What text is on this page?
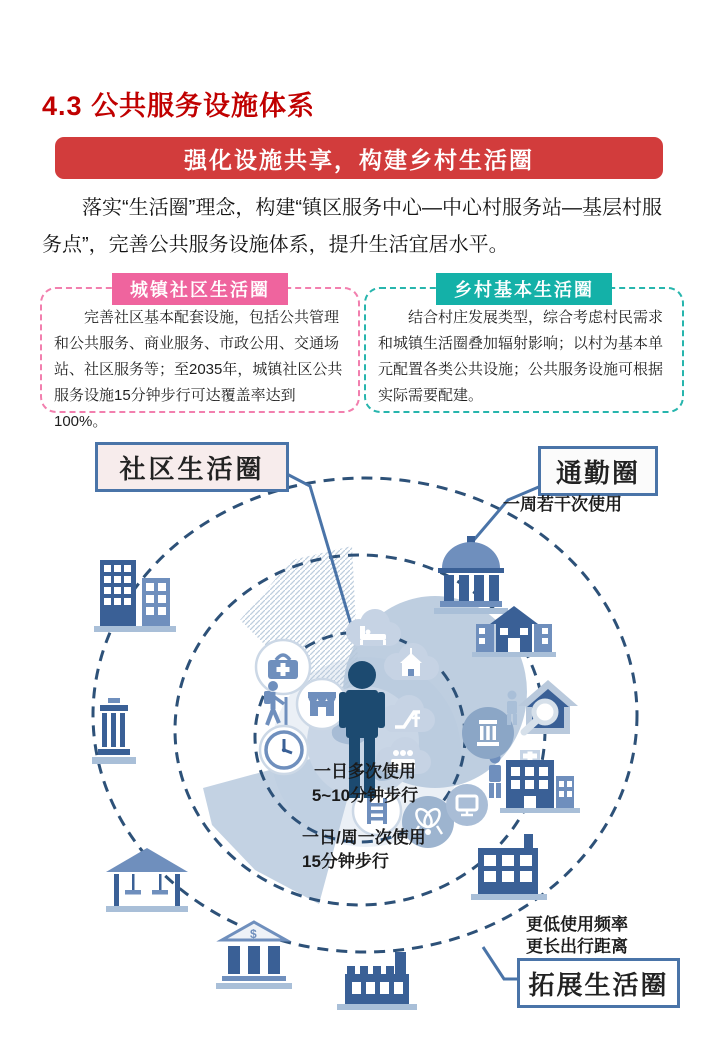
4.3 公共服务设施体系
强化设施共享，构建乡村生活圈
落实“生活圈”理念，构建“镇区服务中心—中心村服务站—基层村服务点”，完善公共服务设施体系，提升生活宜居水平。
城镇社区生活圈
完善社区基本配套设施，包括公共管理和公共服务、商业服务、市政公用、交通场站、社区服务等；至2035年，城镇社区公共服务设施15分钟步行可达覆盖率达到100%。
乡村基本生活圈
结合村庄发展类型，综合考虑村民需求和城镇生活圈叠加辐射影响；以村为基本单元配置各类公共设施；公共服务设施可根据实际需要配建。
$
社区生活圈	通勤圈
一周若干次使用
一日多次使用
5~10分钟步行
一日/周一次使用
15分钟步行
更低使用频率
更长出行距离
拓展生活圈
